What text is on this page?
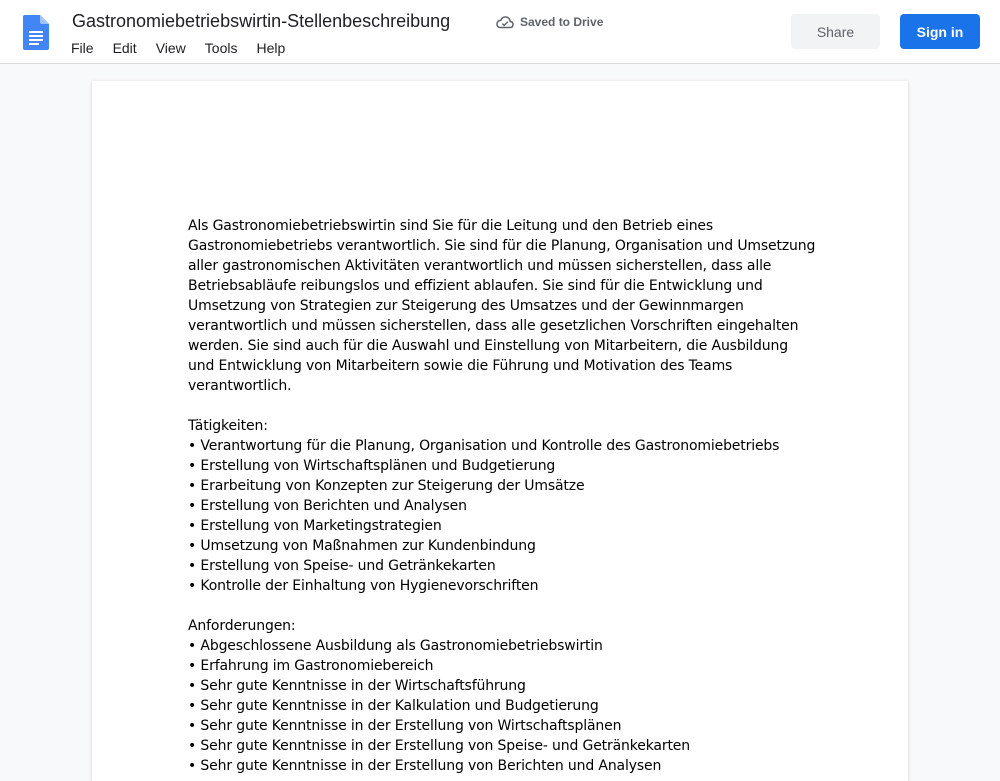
Gastronomiebetriebswirtin-Stellenbeschreibung	Saved to Drive
File	Edit	View	Tools	Help
Share	Sign in

Als Gastronomiebetriebswirtin sind Sie für die Leitung und den Betrieb eines Gastronomiebetriebs verantwortlich. Sie sind für die Planung, Organisation und Umsetzung aller gastronomischen Aktivitäten verantwortlich und müssen sicherstellen, dass alle Betriebsabläufe reibungslos und effizient ablaufen. Sie sind für die Entwicklung und Umsetzung von Strategien zur Steigerung des Umsatzes und der Gewinnmargen verantwortlich und müssen sicherstellen, dass alle gesetzlichen Vorschriften eingehalten werden. Sie sind auch für die Auswahl und Einstellung von Mitarbeitern, die Ausbildung und Entwicklung von Mitarbeitern sowie die Führung und Motivation des Teams verantwortlich.

Tätigkeiten:

• Verantwortung für die Planung, Organisation und Kontrolle des Gastronomiebetriebs

• Erstellung von Wirtschaftsplänen und Budgetierung

• Erarbeitung von Konzepten zur Steigerung der Umsätze

• Erstellung von Berichten und Analysen

• Erstellung von Marketingstrategien

• Umsetzung von Maßnahmen zur Kundenbindung

• Erstellung von Speise- und Getränkekarten

• Kontrolle der Einhaltung von Hygienevorschriften

Anforderungen:

• Abgeschlossene Ausbildung als Gastronomiebetriebswirtin

• Erfahrung im Gastronomiebereich

• Sehr gute Kenntnisse in der Wirtschaftsführung

• Sehr gute Kenntnisse in der Kalkulation und Budgetierung

• Sehr gute Kenntnisse in der Erstellung von Wirtschaftsplänen

• Sehr gute Kenntnisse in der Erstellung von Speise- und Getränkekarten

• Sehr gute Kenntnisse in der Erstellung von Berichten und Analysen
